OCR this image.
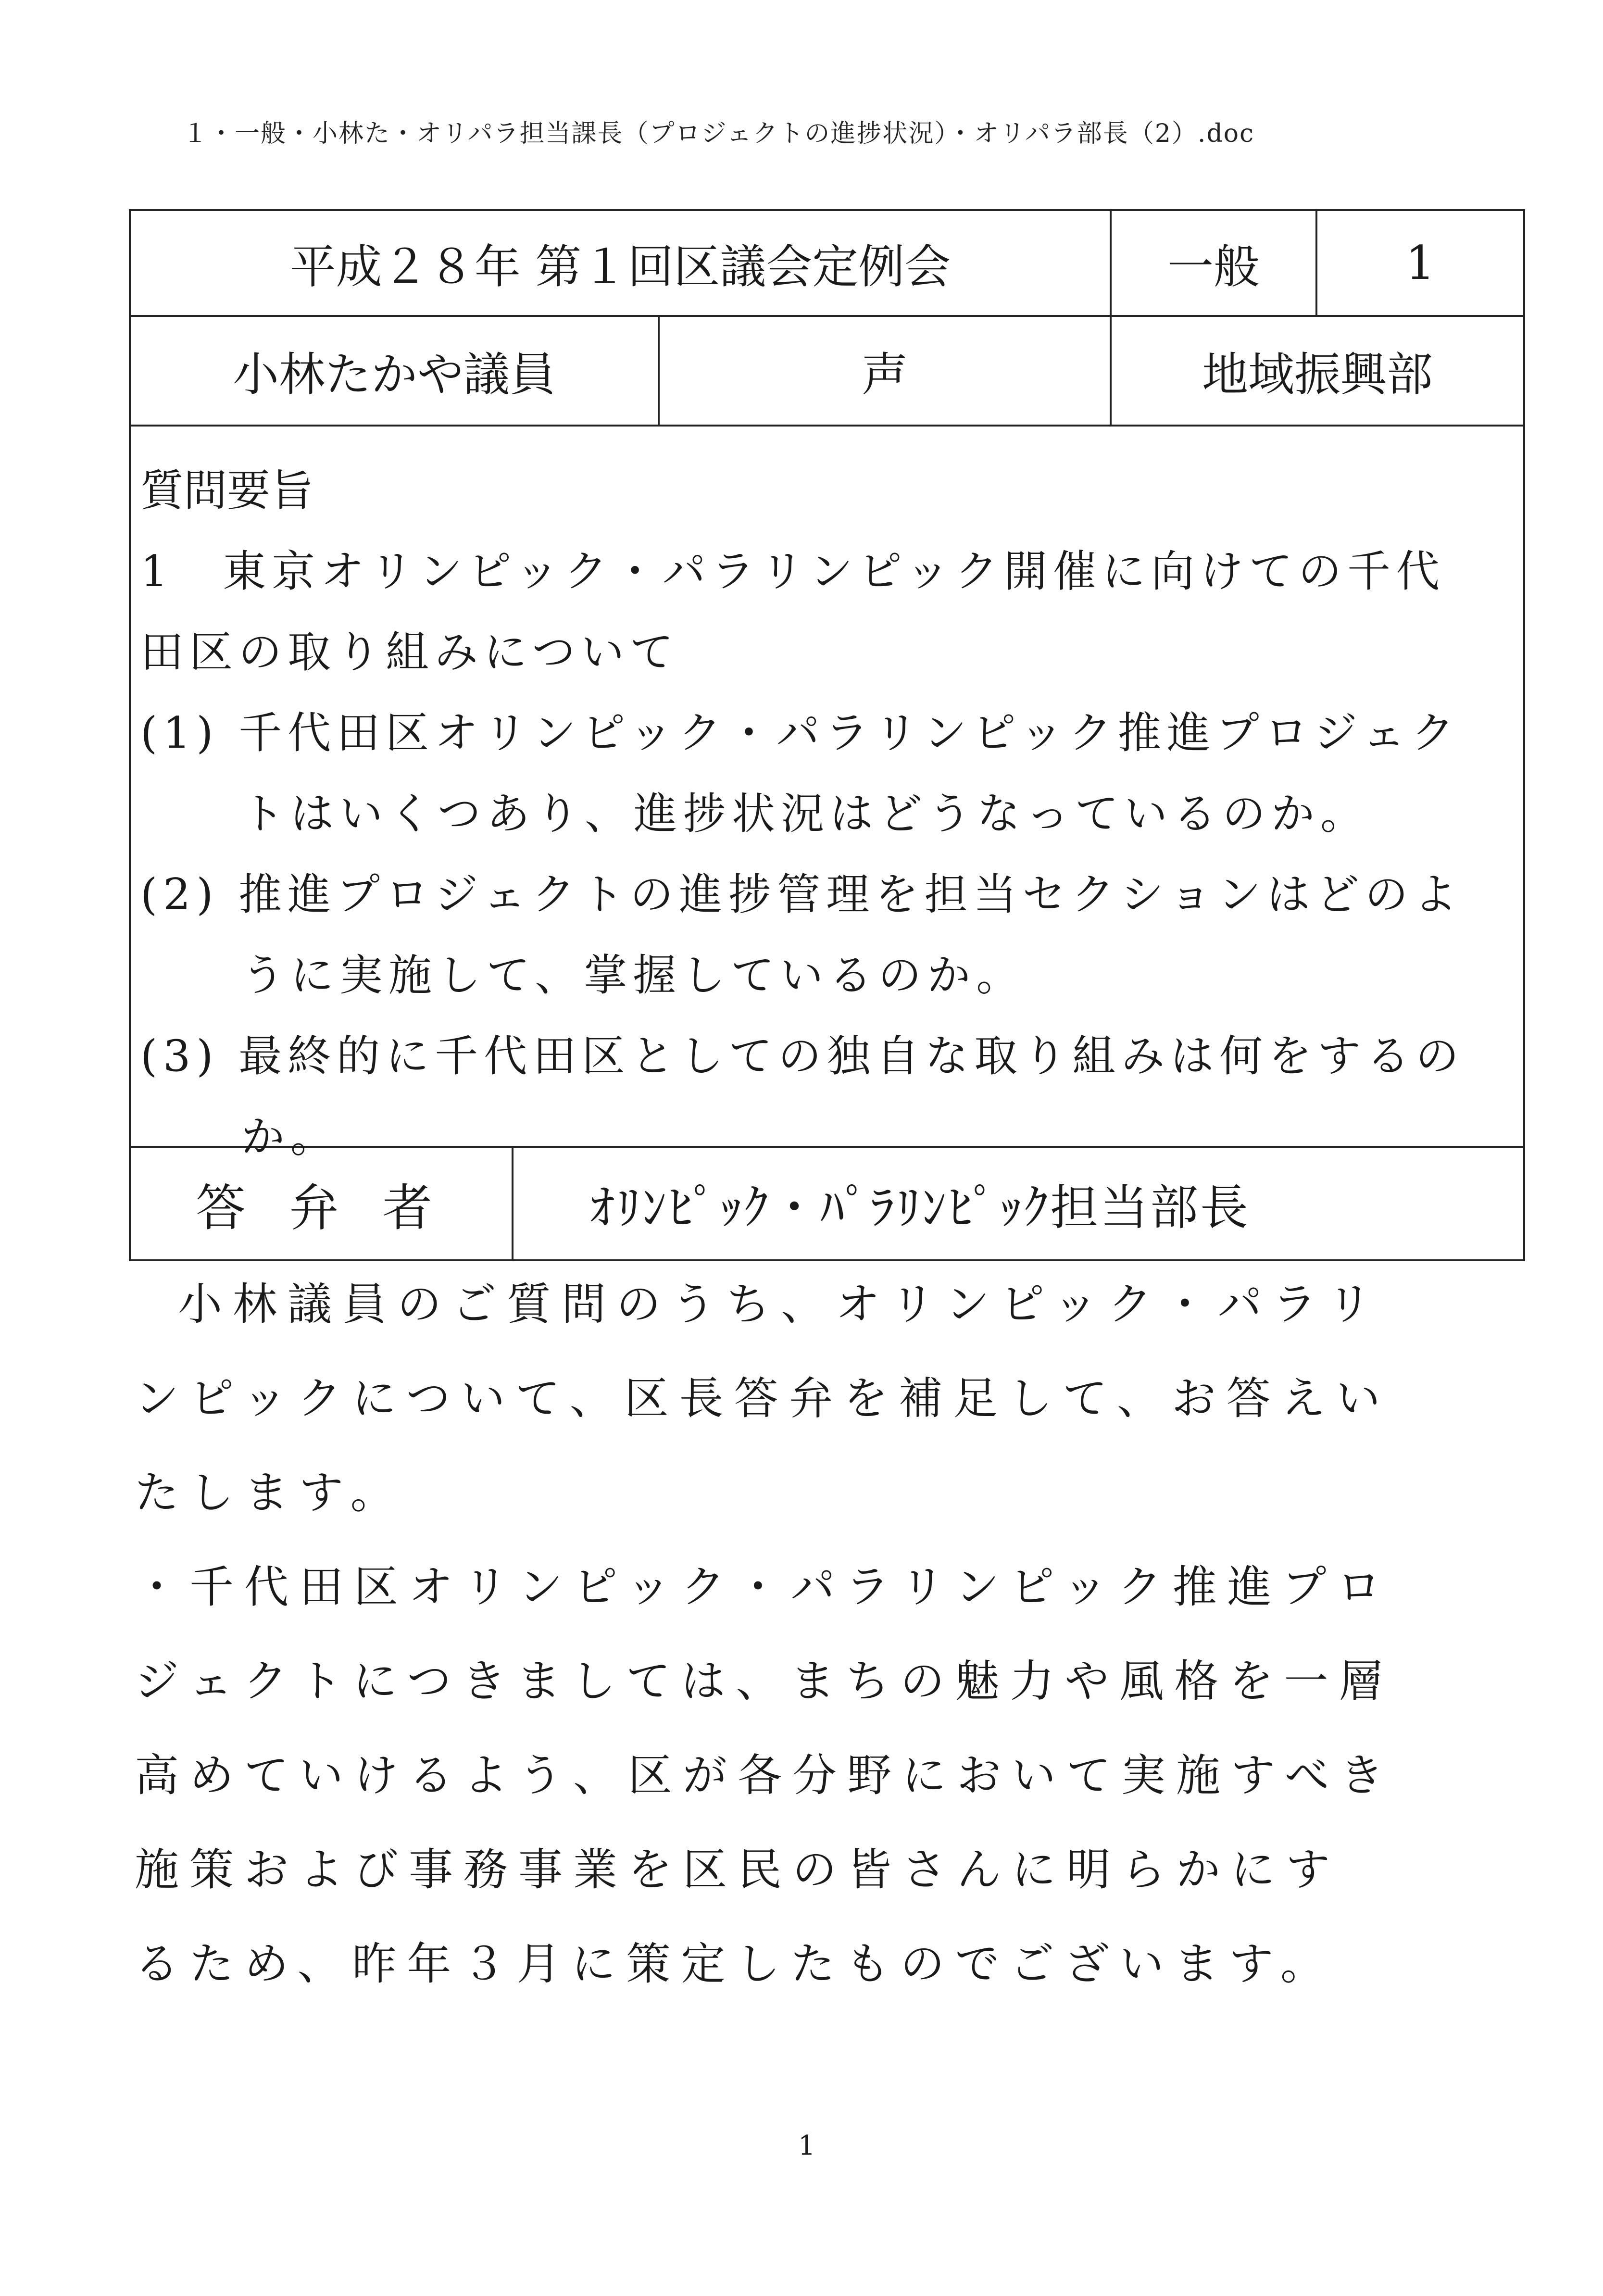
１・一般・小林た・オリパラ担当課長（プロジェクトの進捗状況）・オリパラ部長（2）.doc
平成２８年 第１回区議会定例会	一般	1
小林たかや議員	声	地域振興部
質問要旨
1　東京オリンピック・パラリンピック開催に向けての千代
田区の取り組みについて
(1) 千代田区オリンピック・パラリンピック推進プロジェク
トはいくつあり、進捗状況はどうなっているのか。
(2) 推進プロジェクトの進捗管理を担当セクションはどのよ
うに実施して、掌握しているのか。
(3) 最終的に千代田区としての独自な取り組みは何をするの
か。
答弁者	ｵﾘﾝﾋﾟｯｸ・ﾊﾟﾗﾘﾝﾋﾟｯｸ担当部長
小林議員のご質問のうち、オリンピック・パラリ
ンピックについて、区長答弁を補足して、お答えい
たします。
・千代田区オリンピック・パラリンピック推進プロ
ジェクトにつきましては、まちの魅力や風格を一層
高めていけるよう、区が各分野において実施すべき
施策および事務事業を区民の皆さんに明らかにす
るため、昨年３月に策定したものでございます。
1
